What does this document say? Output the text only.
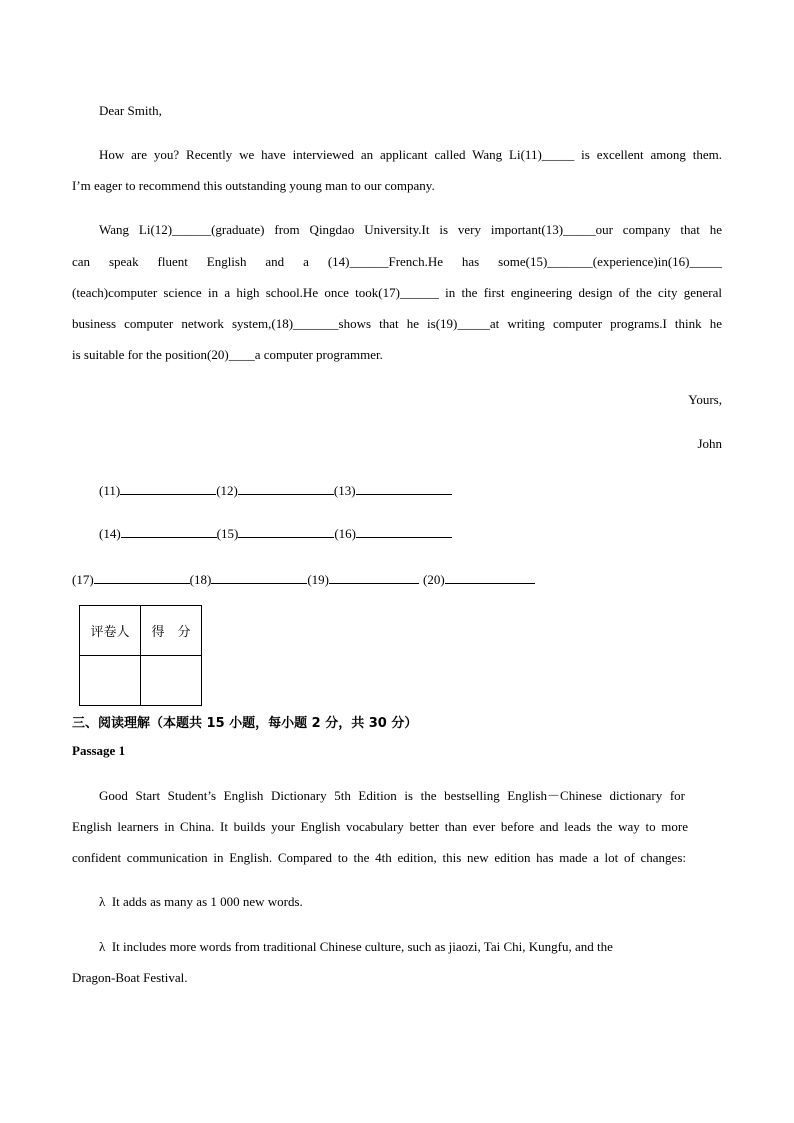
Dear Smith,
How are you? Recently we have interviewed an applicant called Wang Li(11)_____ is excellent among them.
I’m eager to recommend this outstanding young man to our company.
Wang Li(12)______(graduate) from Qingdao University.It is very important(13)_____our company that he
can speak fluent English and a (14)______French.He has some(15)_______(experience)in(16)_____
(teach)computer science in a high school.He once took(17)______ in the first engineering design of the city general
business computer network system,(18)_______shows that he is(19)_____at writing computer programs.I think he
is suitable for the position(20)____a computer programmer.
Yours,
John
(11)	(12)	(13)
(14)	(15)	(16)
(17)	(18)	(19)	(20)
评卷人	得　分

三、阅读理解（本题共 15 小题，每小题 2 分，共 30 分）
Passage 1
Good Start Student’s English Dictionary 5th Edition is the bestselling English－Chinese dictionary for
English learners in China. It builds your English vocabulary better than ever before and leads the way to more
confident communication in English. Compared to the 4th edition, this new edition has made a lot of changes:
λ It adds as many as 1 000 new words.
λ It includes more words from traditional Chinese culture, such as jiaozi, Tai Chi, Kungfu, and the
Dragon-Boat Festival.
